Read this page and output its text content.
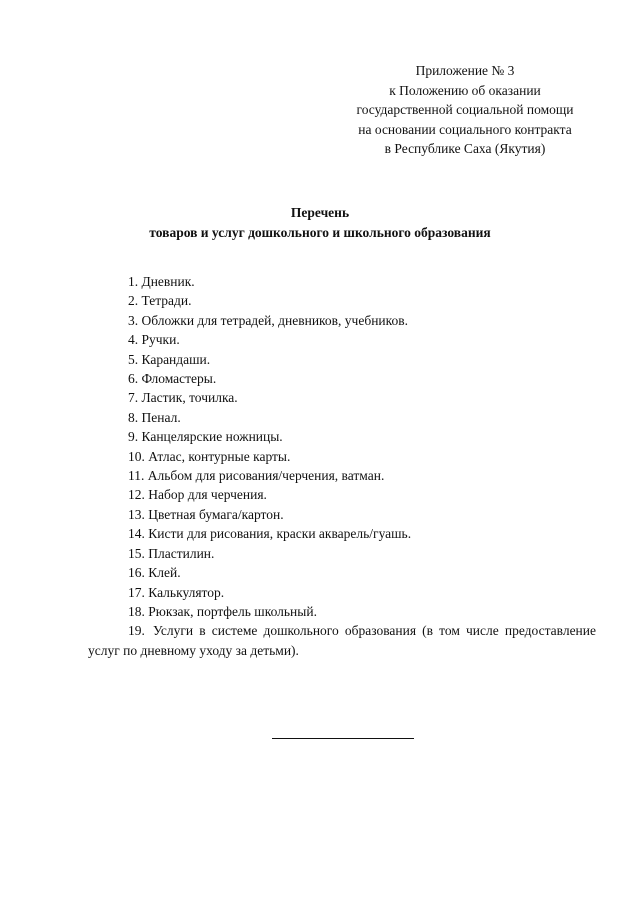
Приложение № 3
к Положению об оказании
государственной социальной помощи
на основании социального контракта
в Республике Саха (Якутия)
Перечень
товаров и услуг дошкольного и школьного образования
1. Дневник.
2. Тетради.
3. Обложки для тетрадей, дневников, учебников.
4. Ручки.
5. Карандаши.
6. Фломастеры.
7. Ластик, точилка.
8. Пенал.
9. Канцелярские ножницы.
10. Атлас, контурные карты.
11. Альбом для рисования/черчения, ватман.
12. Набор для черчения.
13. Цветная бумага/картон.
14. Кисти для рисования, краски акварель/гуашь.
15. Пластилин.
16. Клей.
17. Калькулятор.
18. Рюкзак, портфель школьный.
19. Услуги в системе дошкольного образования (в том числе предоставление услуг по дневному уходу за детьми).
